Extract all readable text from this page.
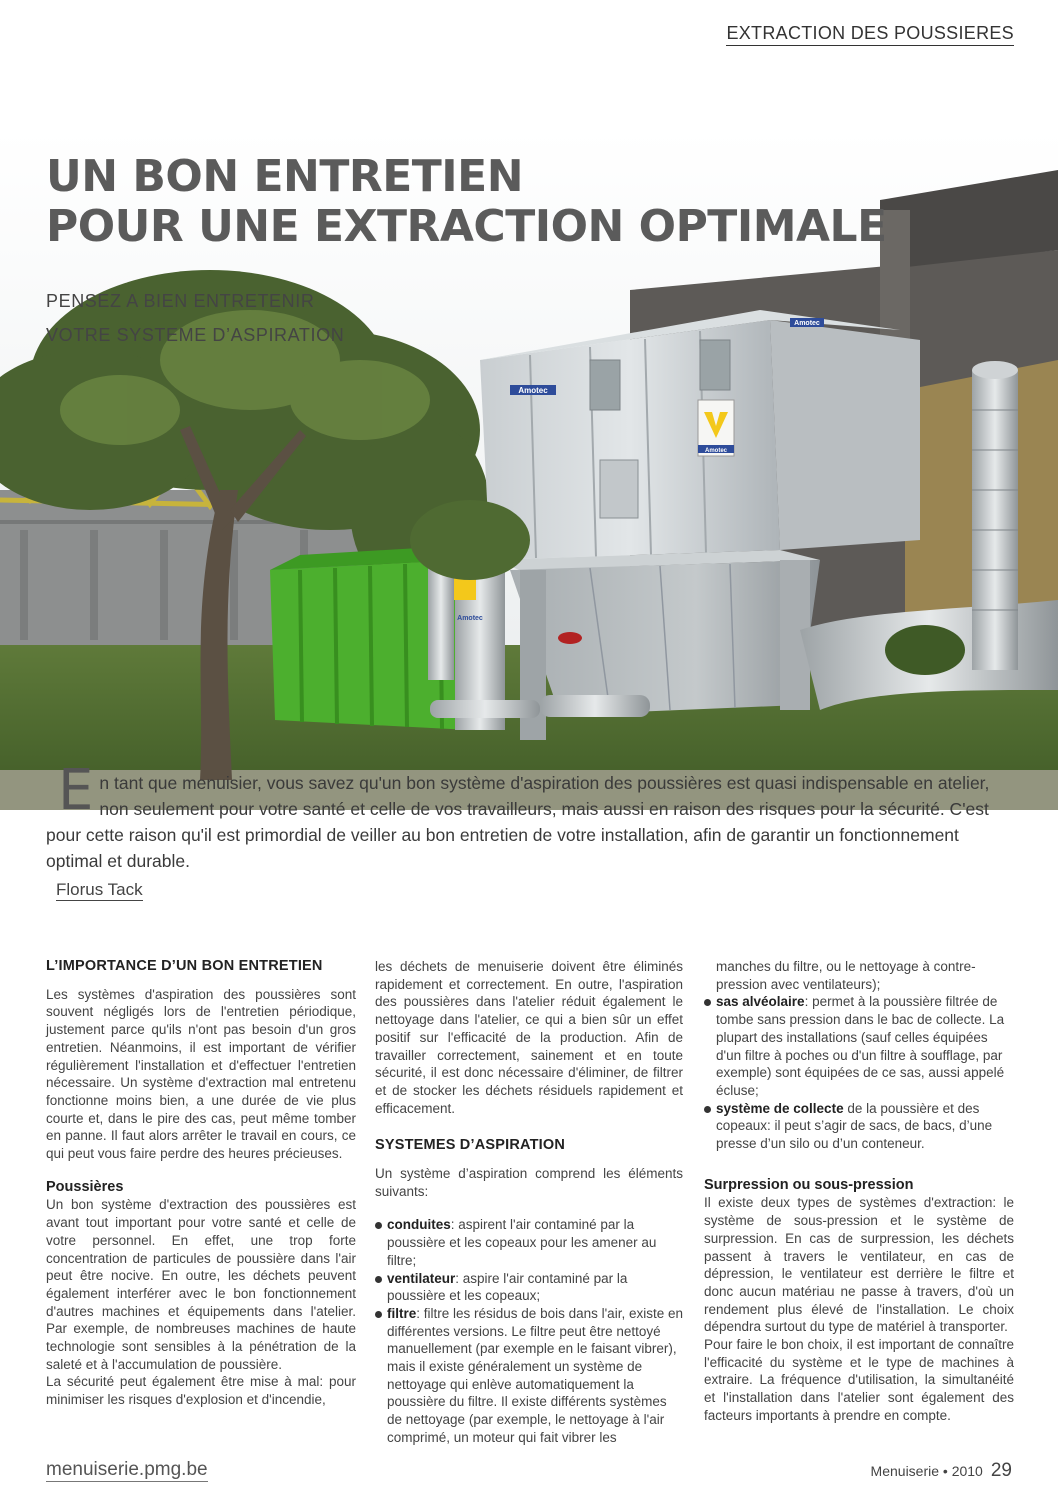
EXTRACTION DES POUSSIERES
Amotec
Amotec
Amotec
Amotec
UN BON ENTRETIEN
POUR UNE EXTRACTION OPTIMALE
PENSEZ A BIEN ENTRETENIR
VOTRE SYSTEME D’ASPIRATION
E n tant que menuisier, vous savez qu'un bon système d'aspiration des poussières est quasi indispensable en atelier, non seulement pour votre santé et celle de vos travailleurs, mais aussi en raison des risques pour la sécurité. C'est pour cette raison qu'il est primordial de veiller au bon entretien de votre installation, afin de garantir un fonctionnement optimal et durable.

Florus Tack
L’IMPORTANCE D’UN BON ENTRETIEN

Les systèmes d'aspiration des poussières sont souvent négligés lors de l'entretien périodique, justement parce qu'ils n'ont pas besoin d'un gros entretien. Néanmoins, il est important de vérifier régulièrement l'installation et d'effectuer l'entretien nécessaire. Un système d'extraction mal entretenu fonctionne moins bien, a une durée de vie plus courte et, dans le pire des cas, peut même tomber en panne. Il faut alors arrêter le travail en cours, ce qui peut vous faire perdre des heures précieuses.

Poussières

Un bon système d'extraction des poussières est avant tout important pour votre santé et celle de votre personnel. En effet, une trop forte concentration de particules de poussière dans l'air peut être nocive. En outre, les déchets peuvent également interférer avec le bon fonctionnement d'autres machines et équipements dans l'atelier. Par exemple, de nombreuses machines de haute technologie sont sensibles à la pénétration de la saleté et à l'accumulation de poussière.

La sécurité peut également être mise à mal: pour minimiser les risques d'explosion et d'incendie,

les déchets de menuiserie doivent être éliminés rapidement et correctement. En outre, l'aspiration des poussières dans l'atelier réduit également le nettoyage dans l'atelier, ce qui a bien sûr un effet positif sur l'efficacité de la production. Afin de travailler correctement, sainement et en toute sécurité, il est donc nécessaire d'éliminer, de filtrer et de stocker les déchets résiduels rapidement et efficacement.

SYSTEMES D’ASPIRATION

Un système d’aspiration comprend les éléments suivants:

conduites: aspirent l'air contaminé par la poussière et les copeaux pour les amener au filtre;
ventilateur: aspire l'air contaminé par la poussière et les copeaux;
filtre: filtre les résidus de bois dans l'air, existe en différentes versions. Le filtre peut être nettoyé manuellement (par exemple en le faisant vibrer), mais il existe généralement un système de nettoyage qui enlève automatiquement la poussière du filtre. Il existe différents systèmes de nettoyage (par exemple, le nettoyage à l'air comprimé, un moteur qui fait vibrer les

manches du filtre, ou le nettoyage à contre-pression avec ventilateurs);

sas alvéolaire: permet à la poussière filtrée de tombe sans pression dans le bac de collecte. La plupart des installations (sauf celles équipées d'un filtre à poches ou d'un filtre à soufflage, par exemple) sont équipées de ce sas, aussi appelé écluse;
système de collecte de la poussière et des copeaux: il peut s’agir de sacs, de bacs, d’une presse d’un silo ou d’un conteneur.
Surpression ou sous-pression

Il existe deux types de systèmes d'extraction: le système de sous-pression et le système de surpression. En cas de surpression, les déchets passent à travers le ventilateur, en cas de dépression, le ventilateur est derrière le filtre et donc aucun matériau ne passe à travers, d'où un rendement plus élevé de l'installation. Le choix dépendra surtout du type de matériel à transporter.

Pour faire le bon choix, il est important de connaître l'efficacité du système et le type de machines à extraire. La fréquence d'utilisation, la simultanéité et l'installation dans l'atelier sont également des facteurs importants à prendre en compte.

menuiserie.pmg.be	Menuiserie • 2010 29
